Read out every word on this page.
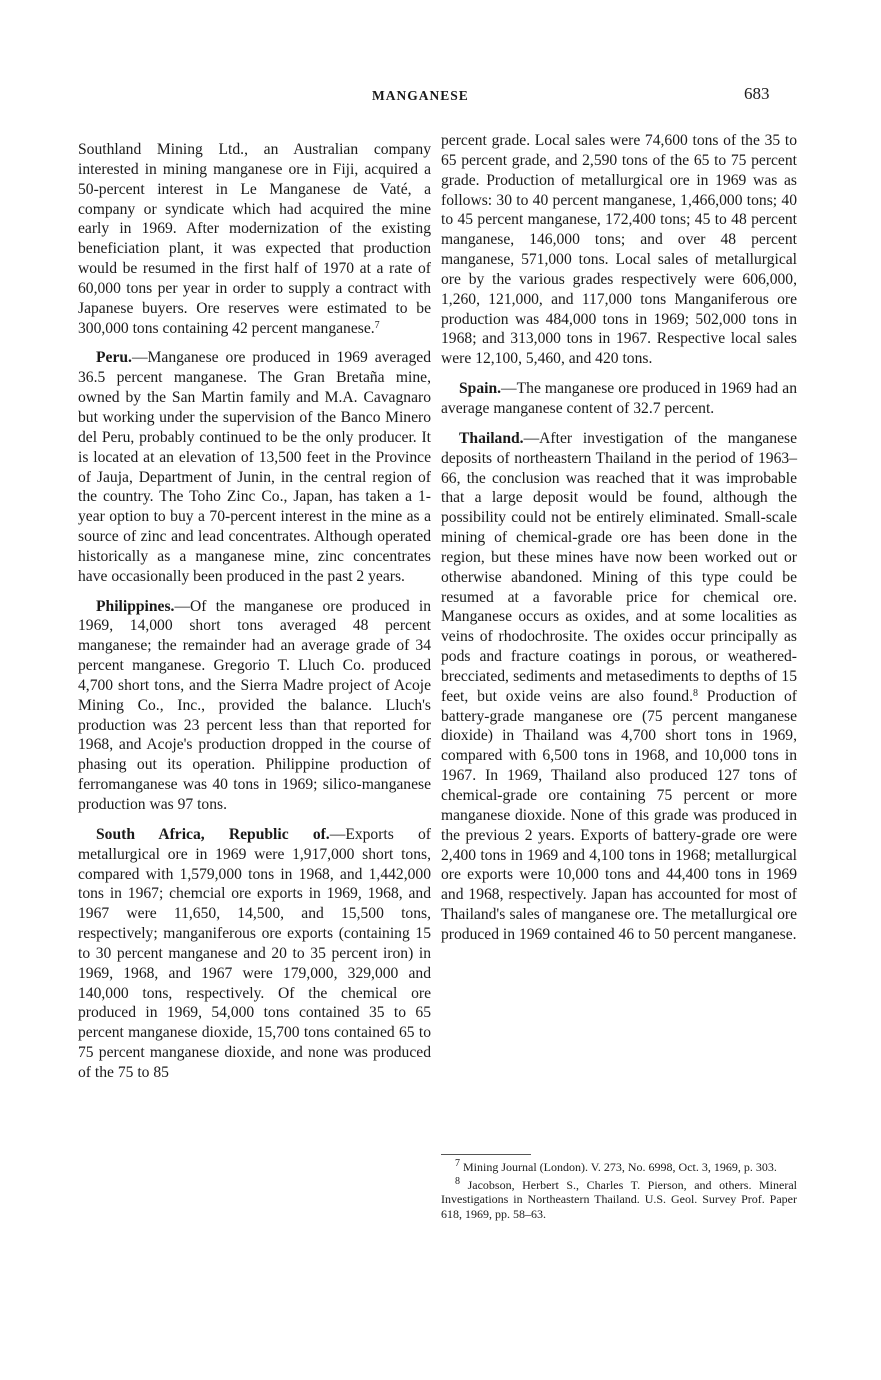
MANGANESE	683

Southland Mining Ltd., an Australian company interested in mining manganese ore in Fiji, acquired a 50-percent interest in Le Manganese de Vaté, a company or syndicate which had acquired the mine early in 1969. After modernization of the existing beneficiation plant, it was expected that production would be resumed in the first half of 1970 at a rate of 60,000 tons per year in order to supply a contract with Japanese buyers. Ore reserves were estimated to be 300,000 tons containing 42 percent manganese.$^7$

Peru.—Manganese ore produced in 1969 averaged 36.5 percent manganese. The Gran Bretaña mine, owned by the San Martin family and M.A. Cavagnaro but working under the supervision of the Banco Minero del Peru, probably continued to be the only producer. It is located at an elevation of 13,500 feet in the Province of Jauja, Department of Junin, in the central region of the country. The Toho Zinc Co., Japan, has taken a 1-year option to buy a 70-percent interest in the mine as a source of zinc and lead concentrates. Although operated historically as a manganese mine, zinc concentrates have occasionally been produced in the past 2 years.

Philippines.—Of the manganese ore produced in 1969, 14,000 short tons averaged 48 percent manganese; the remainder had an average grade of 34 percent manganese. Gregorio T. Lluch Co. produced 4,700 short tons, and the Sierra Madre project of Acoje Mining Co., Inc., provided the balance. Lluch's production was 23 percent less than that reported for 1968, and Acoje's production dropped in the course of phasing out its operation. Philippine production of ferromanganese was 40 tons in 1969; silico-manganese production was 97 tons.

South Africa, Republic of.—Exports of metallurgical ore in 1969 were 1,917,000 short tons, compared with 1,579,000 tons in 1968, and 1,442,000 tons in 1967; chemcial ore exports in 1969, 1968, and 1967 were 11,650, 14,500, and 15,500 tons, respectively; manganiferous ore exports (containing 15 to 30 percent manganese and 20 to 35 percent iron) in 1969, 1968, and 1967 were 179,000, 329,000 and 140,000 tons, respectively. Of the chemical ore produced in 1969, 54,000 tons contained 35 to 65 percent manganese dioxide, 15,700 tons contained 65 to 75 percent manganese dioxide, and none was produced of the 75 to 85

percent grade. Local sales were 74,600 tons of the 35 to 65 percent grade, and 2,590 tons of the 65 to 75 percent grade. Production of metallurgical ore in 1969 was as follows: 30 to 40 percent manganese, 1,466,000 tons; 40 to 45 percent manganese, 172,400 tons; 45 to 48 percent manganese, 146,000 tons; and over 48 percent manganese, 571,000 tons. Local sales of metallurgical ore by the various grades respectively were 606,000, 1,260, 121,000, and 117,000 tons Manganiferous ore production was 484,000 tons in 1969; 502,000 tons in 1968; and 313,000 tons in 1967. Respective local sales were 12,100, 5,460, and 420 tons.

Spain.—The manganese ore produced in 1969 had an average manganese content of 32.7 percent.

Thailand.—After investigation of the manganese deposits of northeastern Thailand in the period of 1963–66, the conclusion was reached that it was improbable that a large deposit would be found, although the possibility could not be entirely eliminated. Small-scale mining of chemical-grade ore has been done in the region, but these mines have now been worked out or otherwise abandoned. Mining of this type could be resumed at a favorable price for chemical ore. Manganese occurs as oxides, and at some localities as veins of rhodochrosite. The oxides occur principally as pods and fracture coatings in porous, or weathered-brecciated, sediments and metasediments to depths of 15 feet, but oxide veins are also found.$^8$ Production of battery-grade manganese ore (75 percent manganese dioxide) in Thailand was 4,700 short tons in 1969, compared with 6,500 tons in 1968, and 10,000 tons in 1967. In 1969, Thailand also produced 127 tons of chemical-grade ore containing 75 percent or more manganese dioxide. None of this grade was produced in the previous 2 years. Exports of battery-grade ore were 2,400 tons in 1969 and 4,100 tons in 1968; metallurgical ore exports were 10,000 tons and 44,400 tons in 1969 and 1968, respectively. Japan has accounted for most of Thailand's sales of manganese ore. The metallurgical ore produced in 1969 contained 46 to 50 percent manganese.

$^7$ Mining Journal (London). V. 273, No. 6998, Oct. 3, 1969, p. 303.

$^8$ Jacobson, Herbert S., Charles T. Pierson, and others. Mineral Investigations in Northeastern Thailand. U.S. Geol. Survey Prof. Paper 618, 1969, pp. 58–63.
